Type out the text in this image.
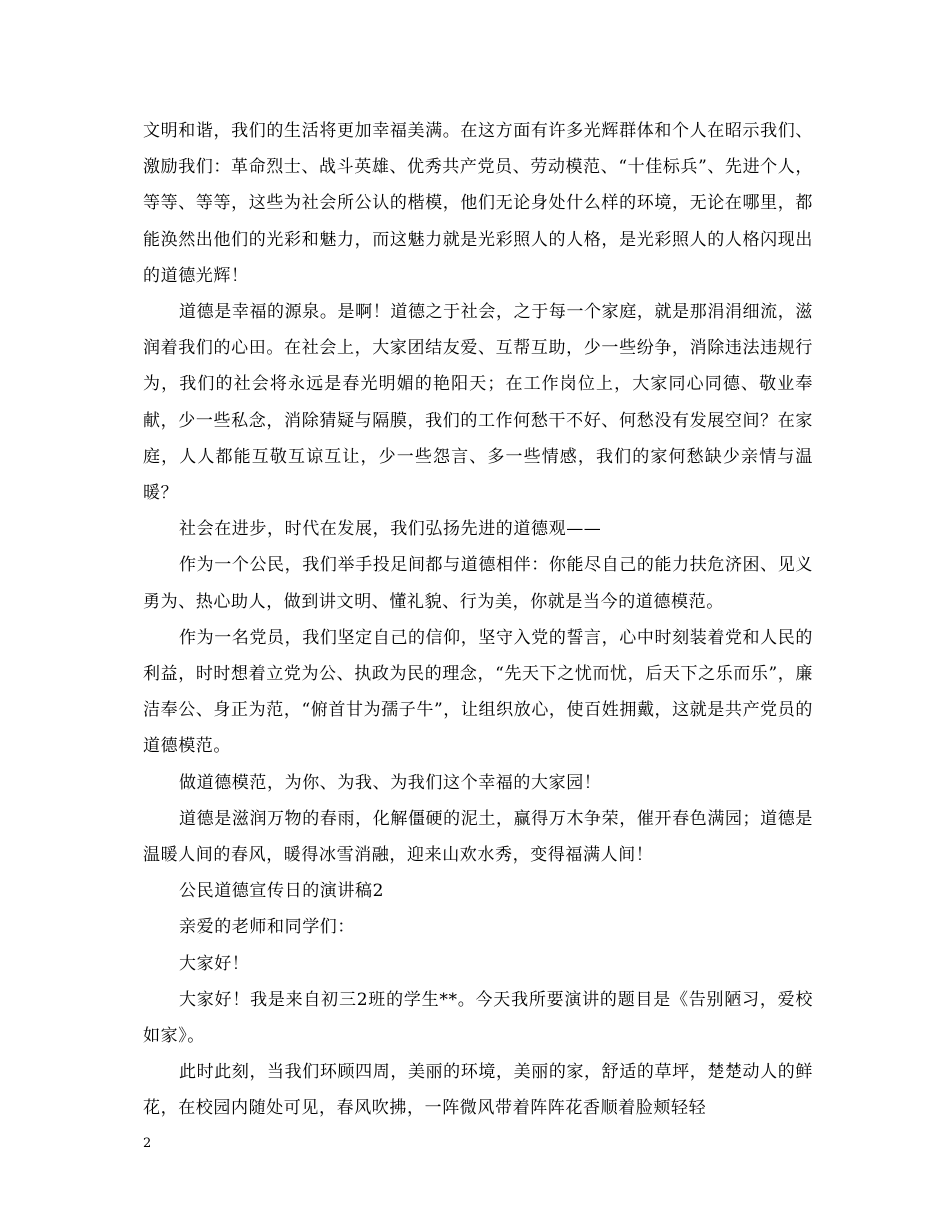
文明和谐，我们的生活将更加幸福美满。在这方面有许多光辉群体和个人在昭示我们、激励我们：革命烈士、战斗英雄、优秀共产党员、劳动模范、“十佳标兵”、先进个人，等等、等等，这些为社会所公认的楷模，他们无论身处什么样的环境，无论在哪里，都能涣然出他们的光彩和魅力，而这魅力就是光彩照人的人格，是光彩照人的人格闪现出的道德光辉！

道德是幸福的源泉。是啊！道德之于社会，之于每一个家庭，就是那涓涓细流，滋润着我们的心田。在社会上，大家团结友爱、互帮互助，少一些纷争，消除违法违规行为，我们的社会将永远是春光明媚的艳阳天；在工作岗位上，大家同心同德、敬业奉献，少一些私念，消除猜疑与隔膜，我们的工作何愁干不好、何愁没有发展空间？在家庭，人人都能互敬互谅互让，少一些怨言、多一些情感，我们的家何愁缺少亲情与温暖？

社会在进步，时代在发展，我们弘扬先进的道德观——

作为一个公民，我们举手投足间都与道德相伴：你能尽自己的能力扶危济困、见义勇为、热心助人，做到讲文明、懂礼貌、行为美，你就是当今的道德模范。

作为一名党员，我们坚定自己的信仰，坚守入党的誓言，心中时刻装着党和人民的利益，时时想着立党为公、执政为民的理念，“先天下之忧而忧，后天下之乐而乐”，廉洁奉公、身正为范，“俯首甘为孺子牛”，让组织放心，使百姓拥戴，这就是共产党员的道德模范。

做道德模范，为你、为我、为我们这个幸福的大家园！

道德是滋润万物的春雨，化解僵硬的泥土，赢得万木争荣，催开春色满园；道德是温暖人间的春风，暖得冰雪消融，迎来山欢水秀，变得福满人间！

公民道德宣传日的演讲稿2

亲爱的老师和同学们：

大家好！

大家好！我是来自初三2班的学生**。今天我所要演讲的题目是《告别陋习，爱校如家》。

此时此刻，当我们环顾四周，美丽的环境，美丽的家，舒适的草坪，楚楚动人的鲜花，在校园内随处可见，春风吹拂，一阵微风带着阵阵花香顺着脸颊轻轻

2
